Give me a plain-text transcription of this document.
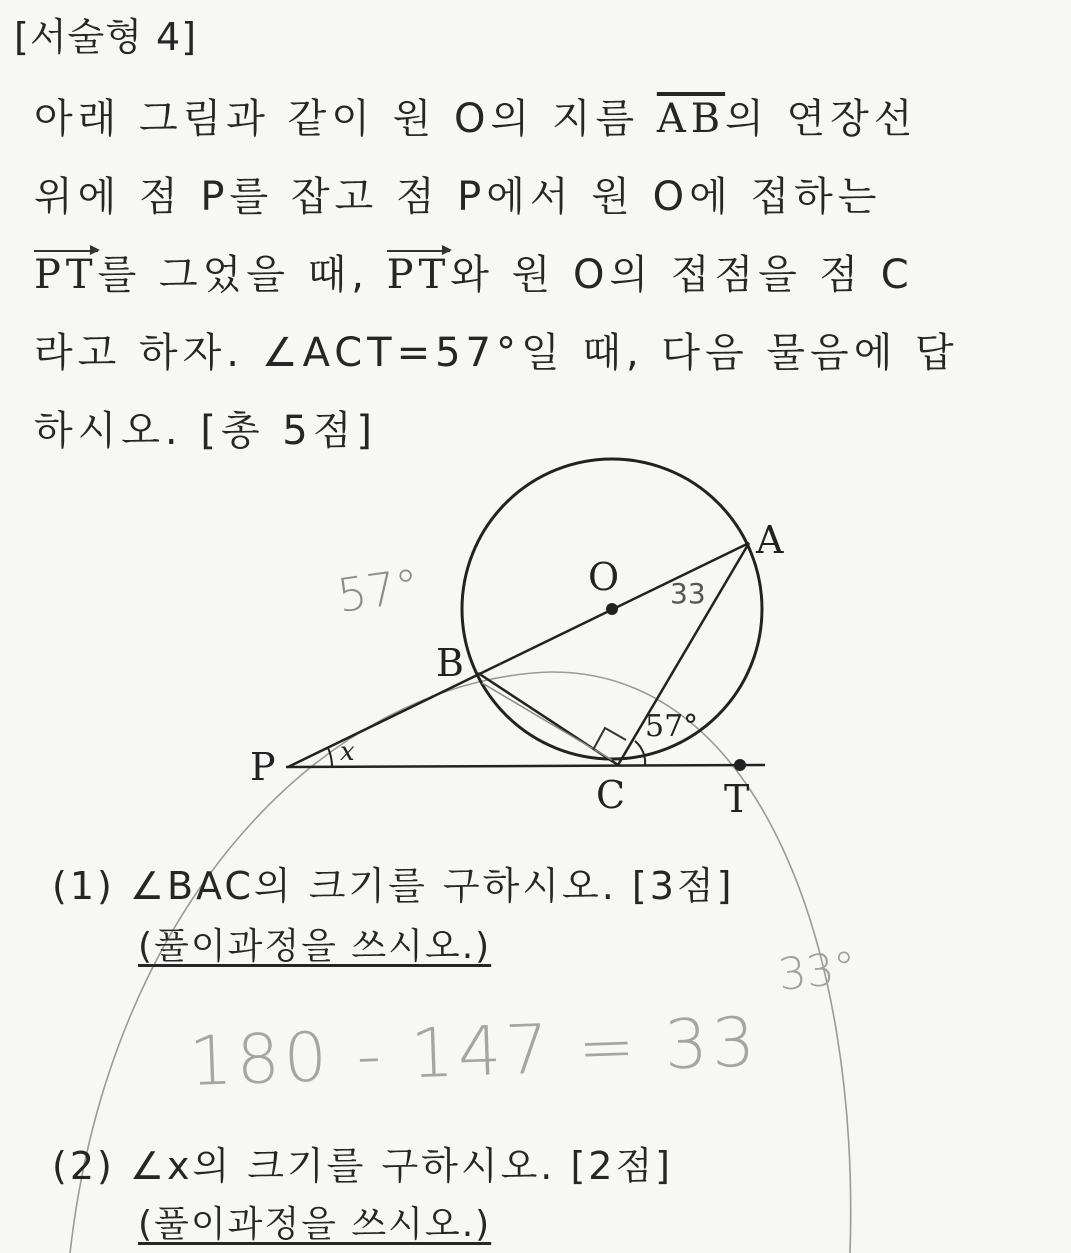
[서술형 4]
아래 그림과 같이 원 O의 지름 $\overline{AB}$의 연장선
위에 점 P를 잡고 점 P에서 원 O에 접하는
PT를 그었을 때, PT와 원 O의 접점을 점 C
라고 하자. ∠ACT=57°일 때, 다음 물음에 답
하시오. [총 5점]
A
O
B
P
C	T
57°
x
33
57°
33°
180 - 147 = 33
(1) ∠BAC의 크기를 구하시오. [3점]
(풀이과정을 쓰시오.)
(2) ∠x의 크기를 구하시오. [2점]
(풀이과정을 쓰시오.)
